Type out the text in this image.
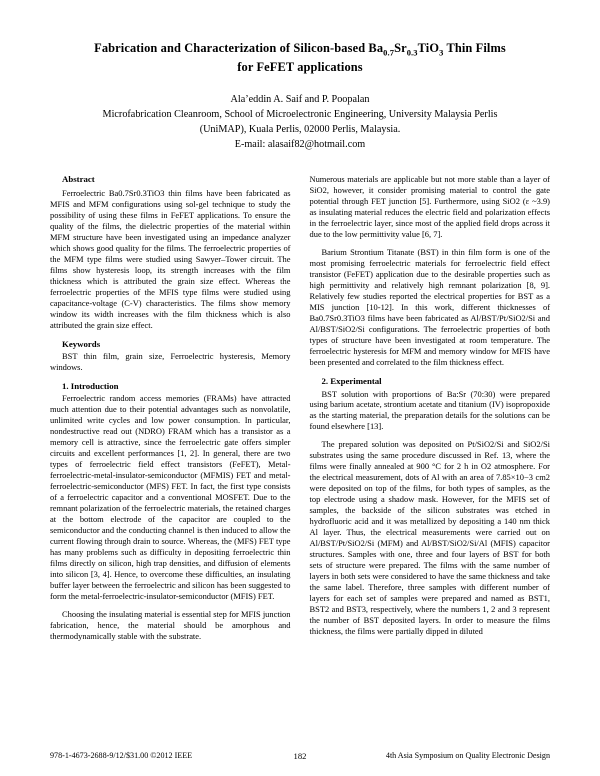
Fabrication and Characterization of Silicon-based $Ba_{0.7}Sr_{0.3}TiO_3$ Thin Films
for FeFET applications
Ala’eddin A. Saif and P. Poopalan
Microfabrication Cleanroom, School of Microelectronic Engineering, University Malaysia Perlis
(UniMAP), Kuala Perlis, 02000 Perlis, Malaysia.
E-mail: alasaif82@hotmail.com

Abstract

Ferroelectric Ba0.7Sr0.3TiO3 thin films have been fabricated as MFIS and MFM configurations using sol-gel technique to study the possibility of using these films in FeFET applications. To ensure the quality of the films, the dielectric properties of the material within MFM structure have been investigated using an impedance analyzer which shows good quality for the films. The ferroelectric properties of the MFM type films were studied using Sawyer–Tower circuit. The films show hysteresis loop, its strength increases with the film thickness which is attributed the grain size effect. Whereas the ferroelectric properties of the MFIS type films were studied using capacitance-voltage (C-V) characteristics. The films show memory window its width increases with the film thickness which is also attributed the grain size effect.

Keywords

BST thin film, grain size, Ferroelectric hysteresis, Memory windows.

1. Introduction

Ferroelectric random access memories (FRAMs) have attracted much attention due to their potential advantages such as nonvolatile, unlimited write cycles and low power consumption. In particular, nondestructive read out (NDRO) FRAM which has a transistor as a memory cell is attractive, since the ferroelectric gate offers simpler circuits and excellent performances [1, 2]. In general, there are two types of ferroelectric field effect transistors (FeFET), Metal-ferroelectric-metal-insulator-semiconductor (MFMIS) FET and metal-ferroelectric-semiconductor (MFS) FET. In fact, the first type consists of a ferroelectric capacitor and a conventional MOSFET. Due to the remnant polarization of the ferroelectric materials, the retained charges at the bottom electrode of the capacitor are coupled to the semiconductor and the conducting channel is then induced to allow the current flowing through drain to source. Whereas, the (MFS) FET type has many problems such as difficulty in depositing ferroelectric thin films directly on silicon, high trap densities, and diffusion of elements into silicon [3, 4]. Hence, to overcome these difficulties, an insulating buffer layer between the ferroelectric and silicon has been suggested to form the metal-ferroelectric-insulator-semiconductor (MFIS) FET.

Choosing the insulating material is essential step for MFIS junction fabrication, hence, the material should be amorphous and thermodynamically stable with the substrate.

Numerous materials are applicable but not more stable than a layer of SiO2, however, it consider promising material to control the gate potential through FET junction [5]. Furthermore, using SiO2 (ε ~3.9) as insulating material reduces the electric field and polarization effects in the ferroelectric layer, since most of the applied field drops across it due to the low permittivity value [6, 7].

Barium Strontium Titanate (BST) in thin film form is one of the most promising ferroelectric materials for ferroelectric field effect transistor (FeFET) application due to the desirable properties such as high permittivity and relatively high remnant polarization [8, 9]. Relatively few studies reported the electrical properties for BST as a MIS junction [10-12]. In this work, different thicknesses of Ba0.7Sr0.3TiO3 films have been fabricated as Al/BST/Pt/SiO2/Si and Al/BST/SiO2/Si configurations. The ferroelectric properties of both types of structure have been investigated at room temperature. The ferroelectric hysteresis for MFM and memory window for MFIS have been presented and correlated to the film thickness effect.

2. Experimental

BST solution with proportions of Ba:Sr (70:30) were prepared using barium acetate, strontium acetate and titanium (IV) isopropoxide as the starting material, the preparation details for the solutions can be found elsewhere [13].

The prepared solution was deposited on Pt/SiO2/Si and SiO2/Si substrates using the same procedure discussed in Ref. 13, where the films were finally annealed at 900 °C for 2 h in O2 atmosphere. For the electrical measurement, dots of Al with an area of 7.85×10−3 cm2 were deposited on top of the films, for both types of samples, as the top electrode using a shadow mask. However, for the MFIS set of samples, the backside of the silicon substrates was etched in hydrofluoric acid and it was metallized by depositing a 140 nm thick Al layer. Thus, the electrical measurements were carried out on Al/BST/Pt/SiO2/Si (MFM) and Al/BST/SiO2/Si/Al (MFIS) capacitor structures. Samples with one, three and four layers of BST for both sets of structure were prepared. The films with the same number of layers in both sets were considered to have the same thickness and take the same label. Therefore, three samples with different number of layers for each set of samples were prepared and named as BST1, BST2 and BST3, respectively, where the numbers 1, 2 and 3 represent the number of BST deposited layers. In order to measure the films thickness, the films were partially dipped in diluted

978-1-4673-2688-9/12/$31.00 ©2012 IEEE	182	4th Asia Symposium on Quality Electronic Design
